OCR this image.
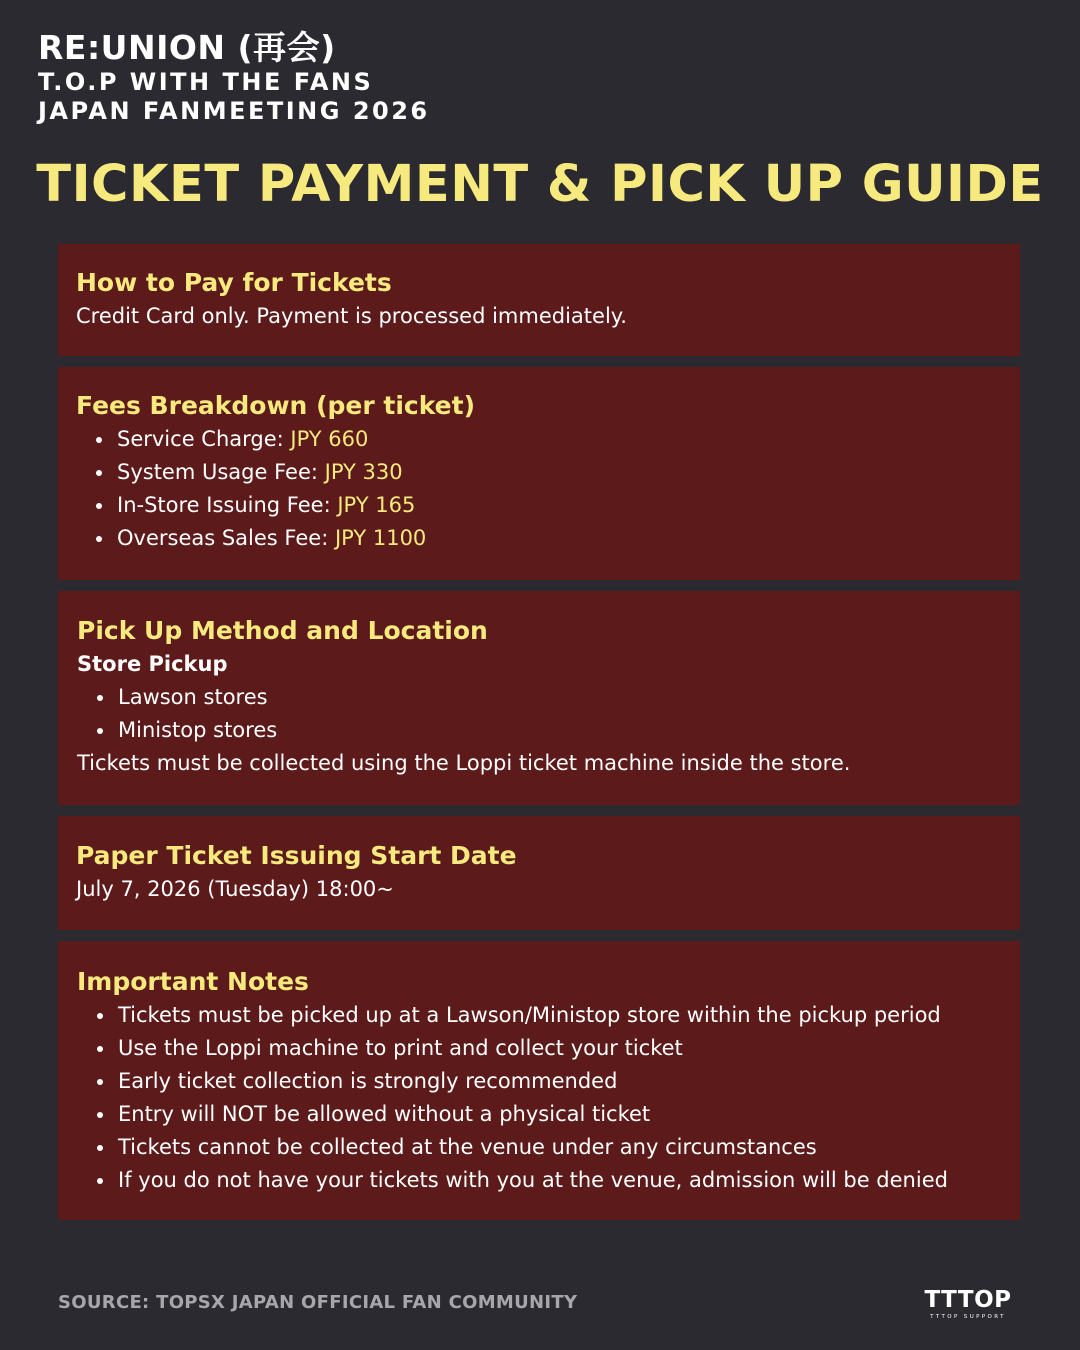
RE:UNION (再会)
T.O.P WITH THE FANS
JAPAN FANMEETING 2026
TICKET PAYMENT & PICK UP GUIDE
How to Pay for Tickets
Credit Card only. Payment is processed immediately.
Fees Breakdown (per ticket)
Service Charge: JPY 660
System Usage Fee: JPY 330
In-Store Issuing Fee: JPY 165
Overseas Sales Fee: JPY 1100
Pick Up Method and Location
Store Pickup
Lawson stores
Ministop stores
Tickets must be collected using the Loppi ticket machine inside the store.
Paper Ticket Issuing Start Date
July 7, 2026 (Tuesday) 18:00~
Important Notes
Tickets must be picked up at a Lawson/Ministop store within the pickup period
Use the Loppi machine to print and collect your ticket
Early ticket collection is strongly recommended
Entry will NOT be allowed without a physical ticket
Tickets cannot be collected at the venue under any circumstances
If you do not have your tickets with you at the venue, admission will be denied
SOURCE: TOPSX JAPAN OFFICIAL FAN COMMUNITY	TTTOP
TTTOP SUPPORT
